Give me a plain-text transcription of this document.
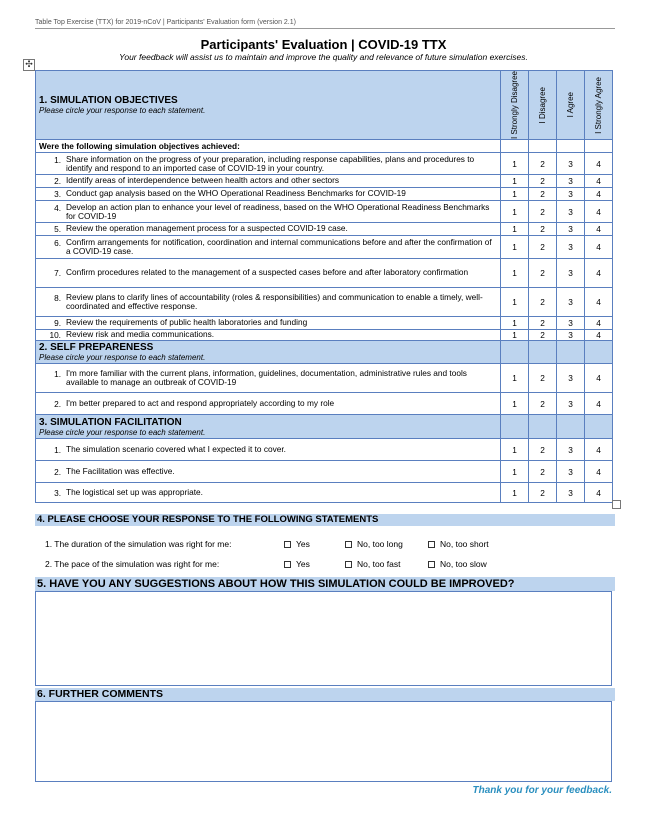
Table Top Exercise (TTX) for 2019-nCoV | Participants' Evaluation form (version 2.1)
Participants' Evaluation | COVID-19 TTX
Your feedback will assist us to maintain and improve the quality and relevance of future simulation exercises.
✣
1. SIMULATION OBJECTIVES
Please circle your response to each statement.	I Strongly Disagree	I Disagree	I Agree	I Strongly Agree

Were the following simulation objectives achieved:				

1. Share information on the progress of your preparation, including response capabilities, plans and procedures to identify and respond to an imported case of COVID-19 in your country.	1	2	3	4

2. Identify areas of interdependence between health actors and other sectors	1	2	3	4

3. Conduct gap analysis based on the WHO Operational Readiness Benchmarks for COVID-19	1	2	3	4

4. Develop an action plan to enhance your level of readiness, based on the WHO Operational Readiness Benchmarks for COVID-19	1	2	3	4

5. Review the operation management process for a suspected COVID-19 case.	1	2	3	4

6. Confirm arrangements for notification, coordination and internal communications before and after the confirmation of a COVID-19 case.	1	2	3	4

7. Confirm procedures related to the management of a suspected cases before and after laboratory confirmation	1	2	3	4

8. Review plans to clarify lines of accountability (roles & responsibilities) and communication to enable a timely, well-coordinated and effective response.	1	2	3	4

9. Review the requirements of public health laboratories and funding	1	2	3	4

10. Review risk and media communications.	1	2	3	4

2. SELF PREPARENESS
Please circle your response to each statement.				

1. I'm more familiar with the current plans, information, guidelines, documentation, administrative rules and tools available to manage an outbreak of COVID-19	1	2	3	4

2. I'm better prepared to act and respond appropriately according to my role	1	2	3	4

3. SIMULATION FACILITATION
Please circle your response to each statement.				

1. The simulation scenario covered what I expected it to cover.	1	2	3	4

2. The Facilitation was effective.	1	2	3	4

3. The logistical set up was appropriate.	1	2	3	4
4. PLEASE CHOOSE YOUR RESPONSE TO THE FOLLOWING STATEMENTS
1. The duration of the simulation was right for me:	Yes	No, too long	No, too short
2. The pace of the simulation was right for me:	Yes	No, too fast	No, too slow
5. HAVE YOU ANY SUGGESTIONS ABOUT HOW THIS SIMULATION COULD BE IMPROVED?
6. FURTHER COMMENTS
Thank you for your feedback.
